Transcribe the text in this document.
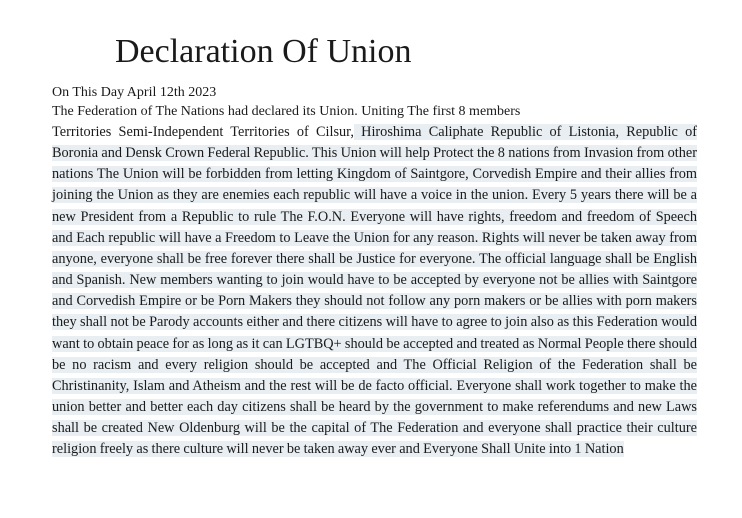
Declaration Of Union
On This Day April 12th 2023
The Federation of The Nations had declared its Union. Uniting The first 8 members
Territories Semi-Independent Territories of Cilsur, Hiroshima Caliphate Republic of Listonia, Republic of Boronia and Densk Crown Federal Republic. This Union will help Protect the 8 nations from Invasion from other nations The Union will be forbidden from letting Kingdom of Saintgore, Corvedish Empire and their allies from joining the Union as they are enemies each republic will have a voice in the union. Every 5 years there will be a new President from a Republic to rule The F.O.N. Everyone will have rights, freedom and freedom of Speech and Each republic will have a Freedom to Leave the Union for any reason. Rights will never be taken away from anyone, everyone shall be free forever there shall be Justice for everyone. The official language shall be English and Spanish. New members wanting to join would have to be accepted by everyone not be allies with Saintgore and Corvedish Empire or be Porn Makers they should not follow any porn makers or be allies with porn makers they shall not be Parody accounts either and there citizens will have to agree to join also as this Federation would want to obtain peace for as long as it can LGTBQ+ should be accepted and treated as Normal People there should be no racism and every religion should be accepted and The Official Religion of the Federation shall be Christinanity, Islam and Atheism and the rest will be de facto official. Everyone shall work together to make the union better and better each day citizens shall be heard by the government to make referendums and new Laws shall be created New Oldenburg will be the capital of The Federation and everyone shall practice their culture religion freely as there culture will never be taken away ever and Everyone Shall Unite into 1 Nation
